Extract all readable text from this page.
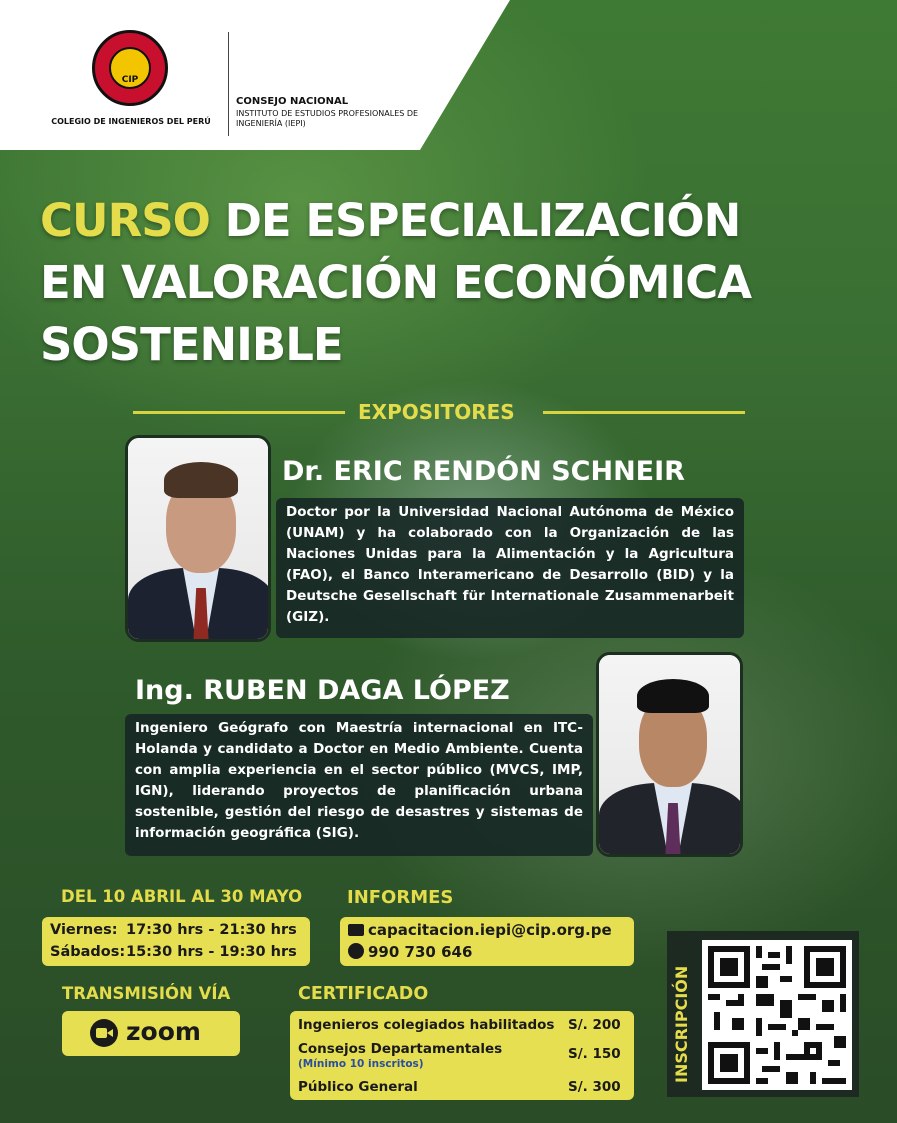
CIP
COLEGIO DE INGENIEROS DEL PERÚ
CONSEJO NACIONAL
INSTITUTO DE ESTUDIOS PROFESIONALES DE INGENIERÍA (IEPI)
CURSO DE ESPECIALIZACIÓN
EN VALORACIÓN ECONÓMICA
SOSTENIBLE
EXPOSITORES
Dr. ERIC RENDÓN SCHNEIR
Doctor por la Universidad Nacional Autónoma de México (UNAM) y ha colaborado con la Organización de las Naciones Unidas para la Alimentación y la Agricultura (FAO), el Banco Interamericano de Desarrollo (BID) y la Deutsche Gesellschaft für Internationale Zusammenarbeit (GIZ).
Ing. RUBEN DAGA LÓPEZ
Ingeniero Geógrafo con Maestría internacional en ITC-Holanda y candidato a Doctor en Medio Ambiente. Cuenta con amplia experiencia en el sector público (MVCS, IMP, IGN), liderando proyectos de planificación urbana sostenible, gestión del riesgo de desastres y sistemas de información geográfica (SIG).
DEL 10 ABRIL AL 30 MAYO
Viernes: 17:30 hrs - 21:30 hrs
Sábados:15:30 hrs - 19:30 hrs
INFORMES
capacitacion.iepi@cip.org.pe
990 730 646
TRANSMISIÓN VÍA
zoom
CERTIFICADO
Ingenieros colegiados habilitados S/. 200
Consejos Departamentales
(Mínimo 10 inscritos)
S/. 150
Público General	S/. 300
INSCRIPCIÓN
